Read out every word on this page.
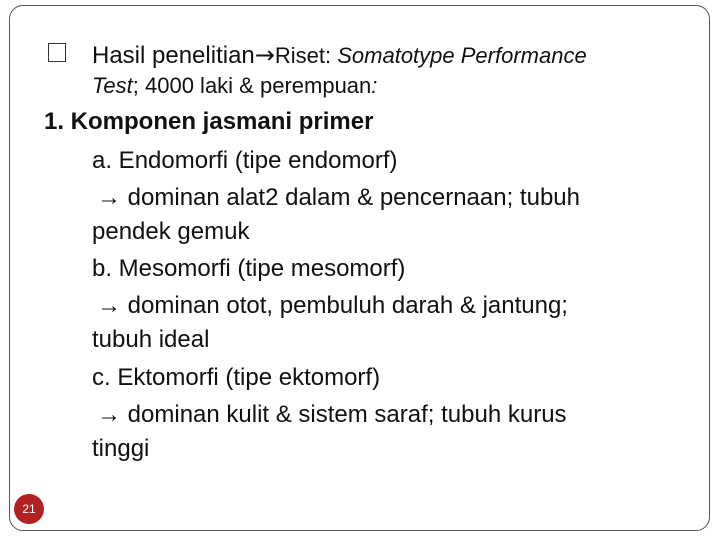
Hasil penelitian→Riset: Somatotype Performance
Test; 4000 laki & perempuan:
1. Komponen jasmani primer
a. Endomorfi (tipe endomorf)
→ dominan alat2 dalam & pencernaan; tubuh
pendek gemuk
b. Mesomorfi (tipe mesomorf)
→ dominan otot, pembuluh darah & jantung;
tubuh ideal
c. Ektomorfi (tipe ektomorf)
→ dominan kulit & sistem saraf; tubuh kurus
tinggi
21
